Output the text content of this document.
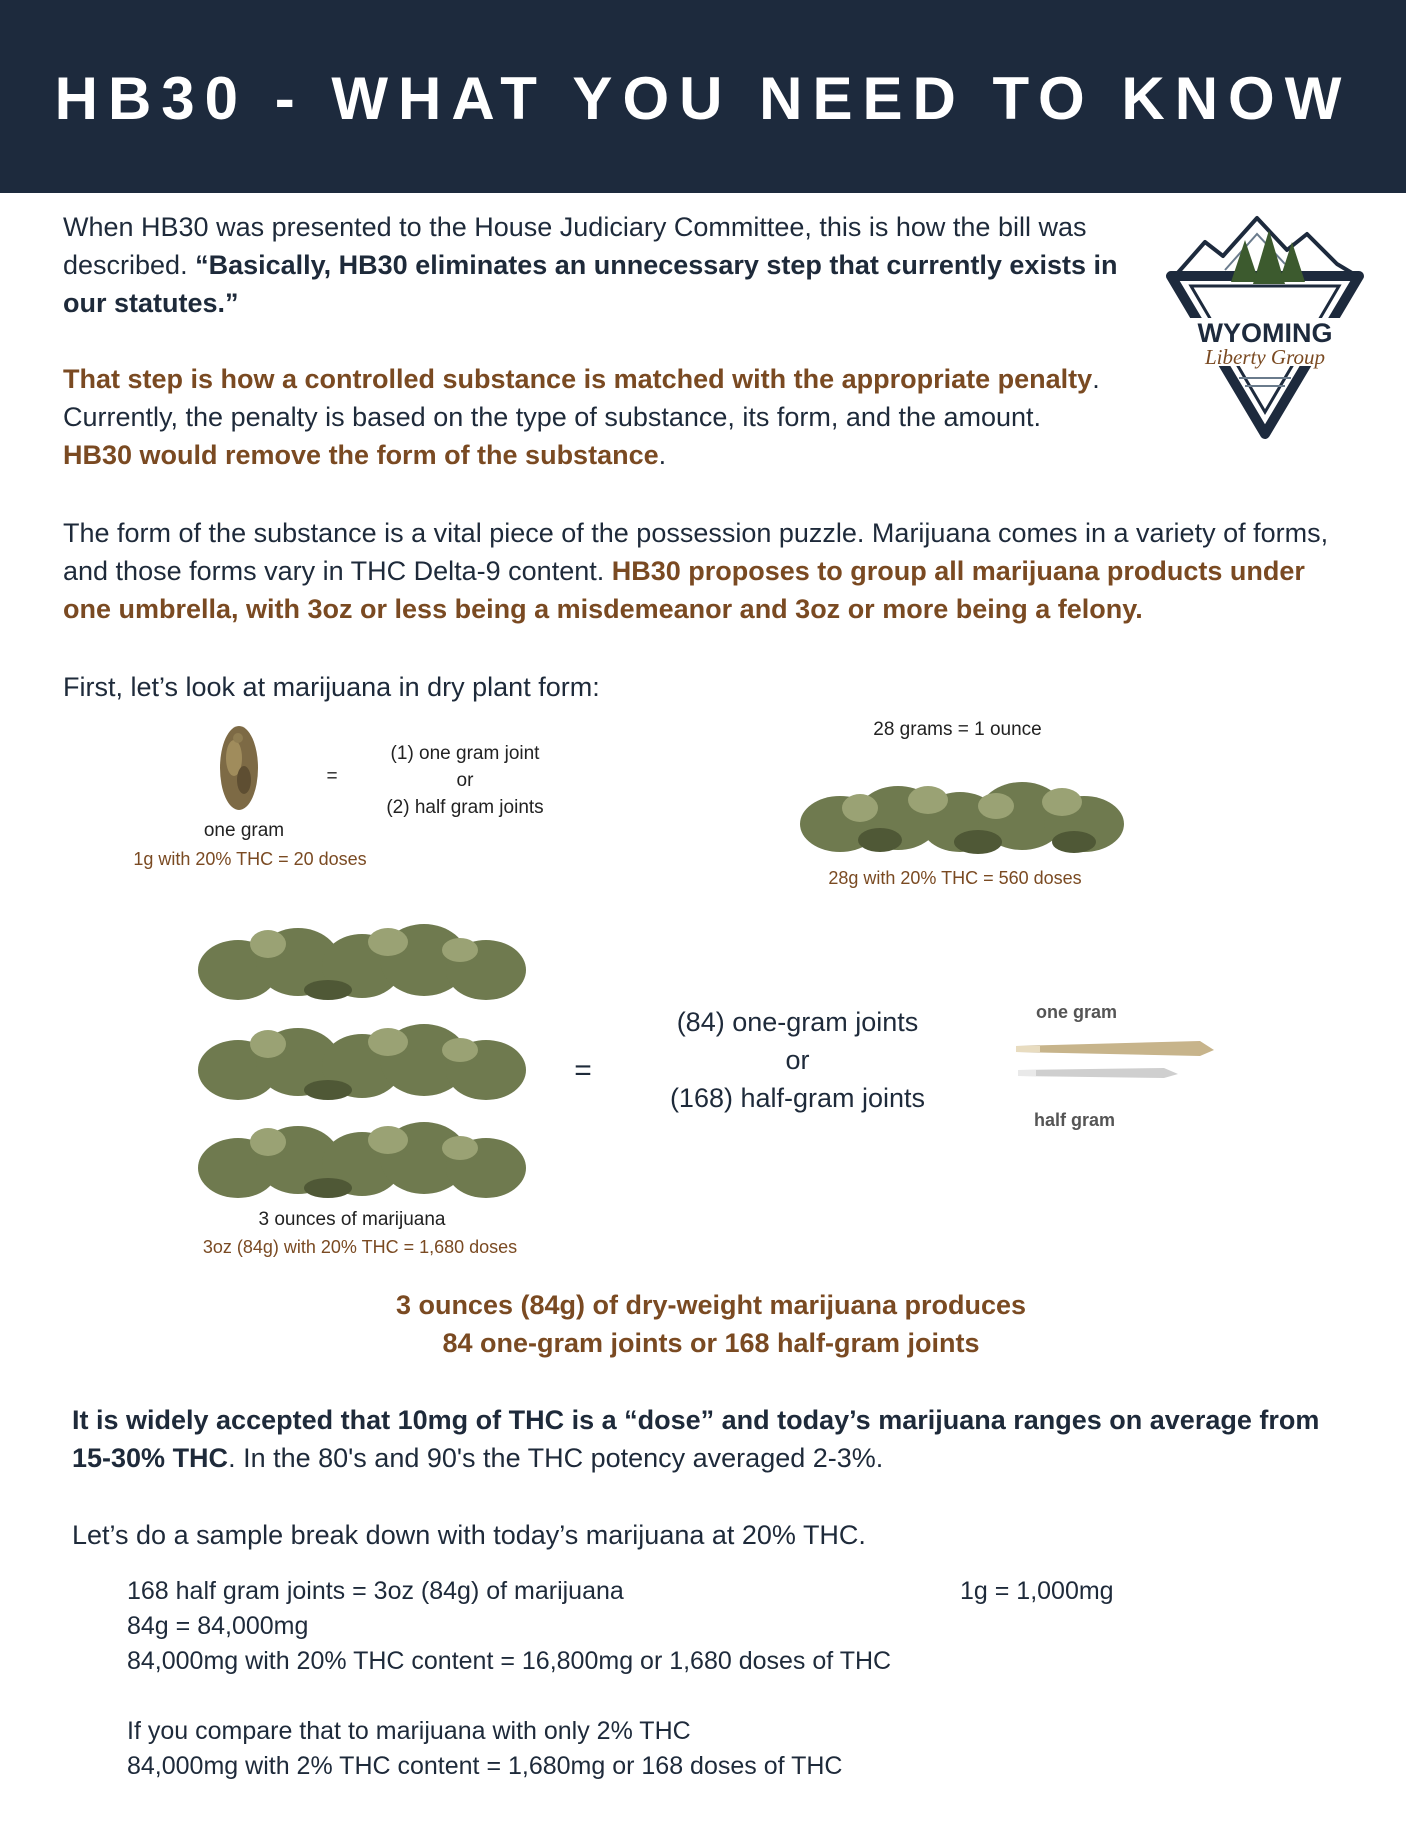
HB30 - WHAT YOU NEED TO KNOW
WYOMING
Liberty Group
When HB30 was presented to the House Judiciary Committee, this is how the bill was described. “Basically, HB30 eliminates an unnecessary step that currently exists in our statutes.”
That step is how a controlled substance is matched with the appropriate penalty. Currently, the penalty is based on the type of substance, its form, and the amount.
HB30 would remove the form of the substance.
The form of the substance is a vital piece of the possession puzzle. Marijuana comes in a variety of forms, and those forms vary in THC Delta-9 content. HB30 proposes to group all marijuana products under one umbrella, with 3oz or less being a misdemeanor and 3oz or more being a felony.
First, let’s look at marijuana in dry plant form:
=
(1) one gram joint
or
(2) half gram joints
one gram
1g with 20% THC = 20 doses
28 grams = 1 ounce
28g with 20% THC = 560 doses
3 ounces of marijuana
3oz (84g) with 20% THC = 1,680 doses
=
(84) one-gram joints
or
(168) half-gram joints
one gram
half gram
3 ounces (84g) of dry-weight marijuana produces
84 one-gram joints or 168 half-gram joints
It is widely accepted that 10mg of THC is a “dose” and today’s marijuana ranges on average from 15-30% THC. In the 80's and 90's the THC potency averaged 2-3%.
Let’s do a sample break down with today’s marijuana at 20% THC.
168 half gram joints = 3oz (84g) of marijuana	1g = 1,000mg
84g = 84,000mg
84,000mg with 20% THC content = 16,800mg or 1,680 doses of THC
If you compare that to marijuana with only 2% THC
84,000mg with 2% THC content = 1,680mg or 168 doses of THC
